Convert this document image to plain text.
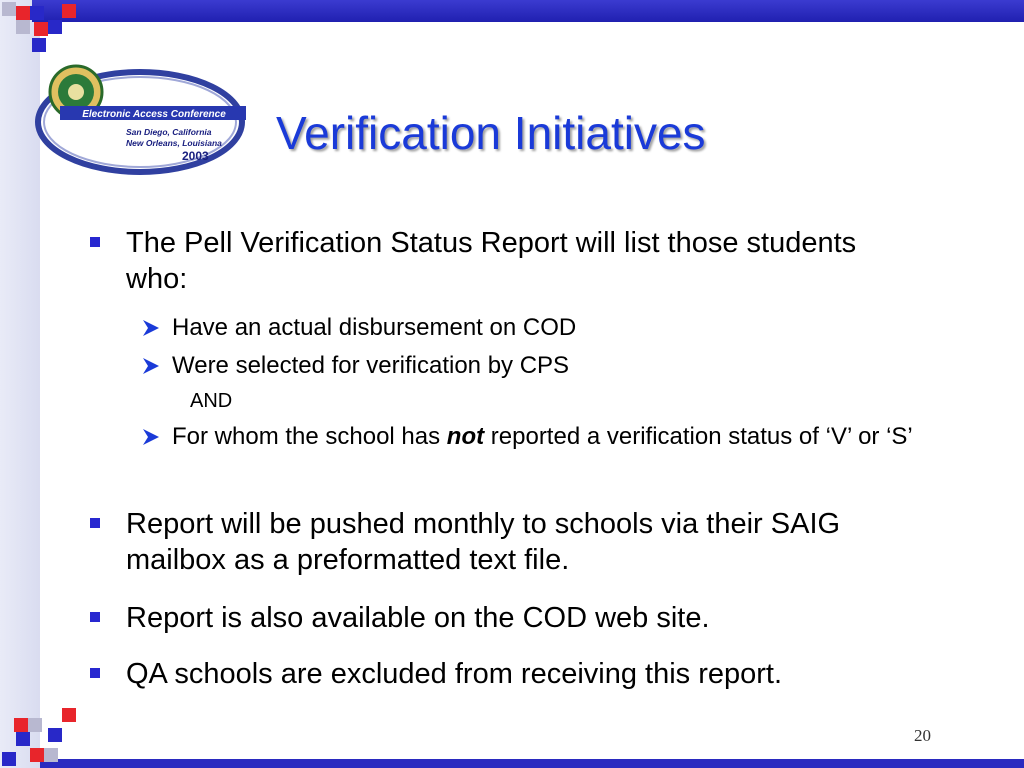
Electronic Access Conference
San Diego, California
New Orleans, Louisiana
2003 Verification Initiatives
The Pell Verification Status Report will list those students who:
Have an actual disbursement on COD
Were selected for verification by CPS
AND
For whom the school has not reported a verification status of ‘V’ or ‘S’
Report will be pushed monthly to schools via their SAIG mailbox as a preformatted text file.
Report is also available on the COD web site.
QA schools are excluded from receiving this report.
20
